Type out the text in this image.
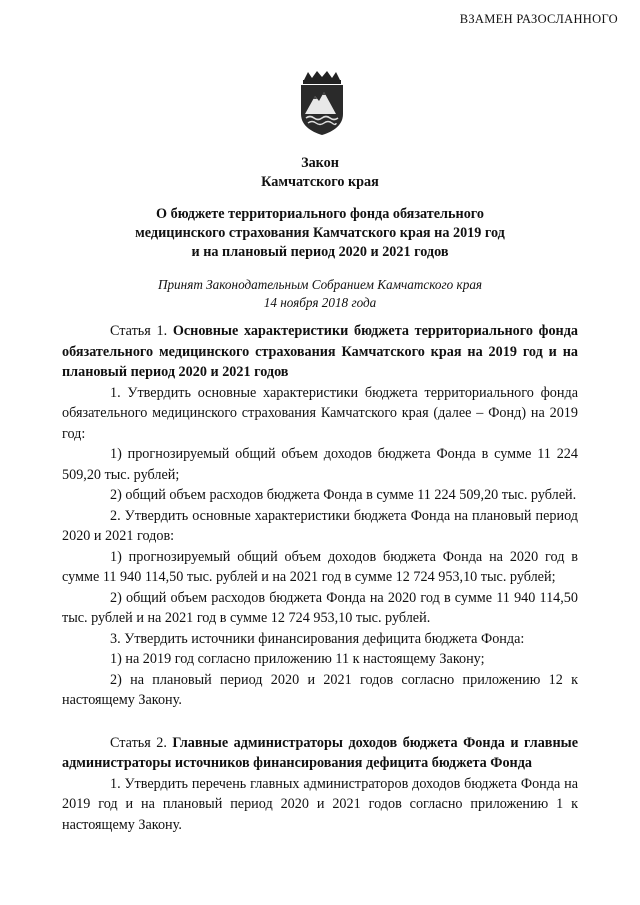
ВЗАМЕН РАЗОСЛАННОГО
Закон
Камчатского края
О бюджете территориального фонда обязательного
медицинского страхования Камчатского края на 2019 год
и на плановый период 2020 и 2021 годов
Принят Законодательным Собранием Камчатского края
14 ноября 2018 года

Статья 1. Основные характеристики бюджета территориального фонда обязательного медицинского страхования Камчатского края на 2019 год и на плановый период 2020 и 2021 годов

1. Утвердить основные характеристики бюджета территориального фонда обязательного медицинского страхования Камчатского края (далее – Фонд) на 2019 год:

1) прогнозируемый общий объем доходов бюджета Фонда в сумме 11 224 509,20 тыс. рублей;

2) общий объем расходов бюджета Фонда в сумме 11 224 509,20 тыс. рублей.

2. Утвердить основные характеристики бюджета Фонда на плановый период 2020 и 2021 годов:

1) прогнозируемый общий объем доходов бюджета Фонда на 2020 год в сумме 11 940 114,50 тыс. рублей и на 2021 год в сумме 12 724 953,10 тыс. рублей;

2) общий объем расходов бюджета Фонда на 2020 год в сумме 11 940 114,50 тыс. рублей и на 2021 год в сумме 12 724 953,10 тыс. рублей.

3. Утвердить источники финансирования дефицита бюджета Фонда:

1) на 2019 год согласно приложению 11 к настоящему Закону;

2) на плановый период 2020 и 2021 годов согласно приложению 12 к настоящему Закону.

Статья 2. Главные администраторы доходов бюджета Фонда и главные администраторы источников финансирования дефицита бюджета Фонда

1. Утвердить перечень главных администраторов доходов бюджета Фонда на 2019 год и на плановый период 2020 и 2021 годов согласно приложению 1 к настоящему Закону.
